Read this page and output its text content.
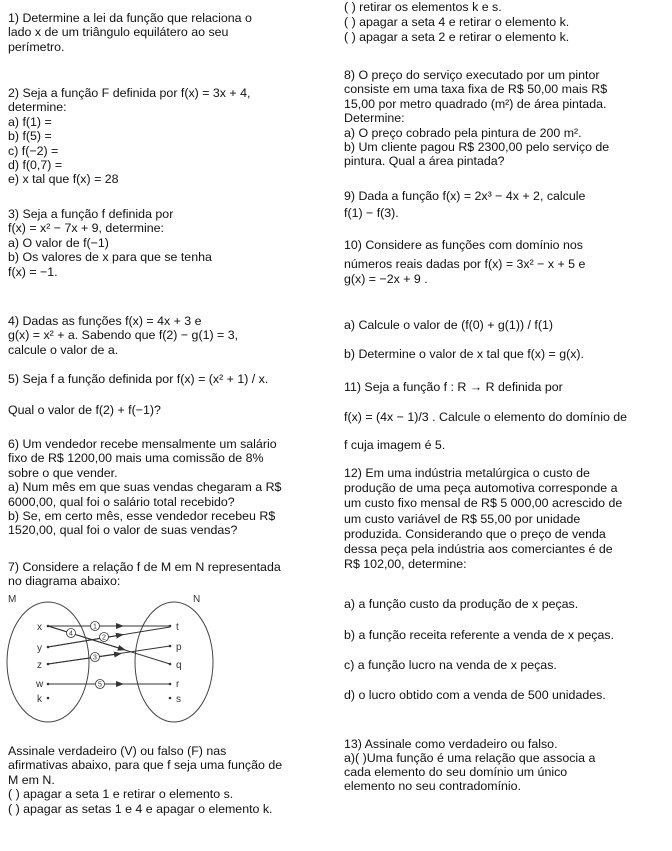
1) Determine a lei da função que relaciona o
lado x de um triângulo equilátero ao seu
perímetro.
2) Seja a função F definida por f(x) = 3x + 4,
determine:
a) f(1) =
b) f(5) =
c) f(−2) =
d) f(0,7) =
e) x tal que f(x) = 28
3) Seja a função f definida por
f(x) = x² − 7x + 9, determine:
a) O valor de f(−1)
b) Os valores de x para que se tenha
f(x) = −1.
4) Dadas as funções f(x) = 4x + 3 e
g(x) = x² + a. Sabendo que f(2) − g(1) = 3,
calcule o valor de a.
5) Seja f a função definida por f(x) = (x² + 1) / x.
Qual o valor de f(2) + f(−1)?
6) Um vendedor recebe mensalmente um salário
fixo de R$ 1200,00 mais uma comissão de 8%
sobre o que vender.
a) Num mês em que suas vendas chegaram a R$
6000,00, qual foi o salário total recebido?
b) Se, em certo mês, esse vendedor recebeu R$
1520,00, qual foi o valor de suas vendas?
7) Considere a relação f de M em N representada
no diagrama abaixo:
Assinale verdadeiro (V) ou falso (F) nas
afirmativas abaixo, para que f seja uma função de
M em N.
( ) apagar a seta 1 e retirar o elemento s.
( ) apagar as setas 1 e 4 e apagar o elemento k.
M	N
1
2
3
4
5
x
y
z
w
k
t
p
q
r
s
( ) retirar os elementos k e s.
( ) apagar a seta 4 e retirar o elemento k.
( ) apagar a seta 2 e retirar o elemento k.
8) O preço do serviço executado por um pintor
consiste em uma taxa fixa de R$ 50,00 mais R$
15,00 por metro quadrado (m²) de área pintada.
Determine:
a) O preço cobrado pela pintura de 200 m².
b) Um cliente pagou R$ 2300,00 pelo serviço de
pintura. Qual a área pintada?
9) Dada a função f(x) = 2x³ − 4x + 2, calcule
f(1) − f(3).
10) Considere as funções com domínio nos
números reais dadas por f(x) = 3x² − x + 5 e
g(x) = −2x + 9 .
a) Calcule o valor de (f(0) + g(1)) / f(1)
b) Determine o valor de x tal que f(x) = g(x).
11) Seja a função f : R → R definida por
f(x) = (4x − 1)/3 . Calcule o elemento do domínio de
f cuja imagem é 5.
12) Em uma indústria metalúrgica o custo de
produção de uma peça automotiva corresponde a
um custo fixo mensal de R$ 5 000,00 acrescido de
um custo variável de R$ 55,00 por unidade
produzida. Considerando que o preço de venda
dessa peça pela indústria aos comerciantes é de
R$ 102,00, determine:
a) a função custo da produção de x peças.
b) a função receita referente a venda de x peças.
c) a função lucro na venda de x peças.
d) o lucro obtido com a venda de 500 unidades.
13) Assinale como verdadeiro ou falso.
a)( )Uma função é uma relação que associa a
cada elemento do seu domínio um único
elemento no seu contradomínio.
